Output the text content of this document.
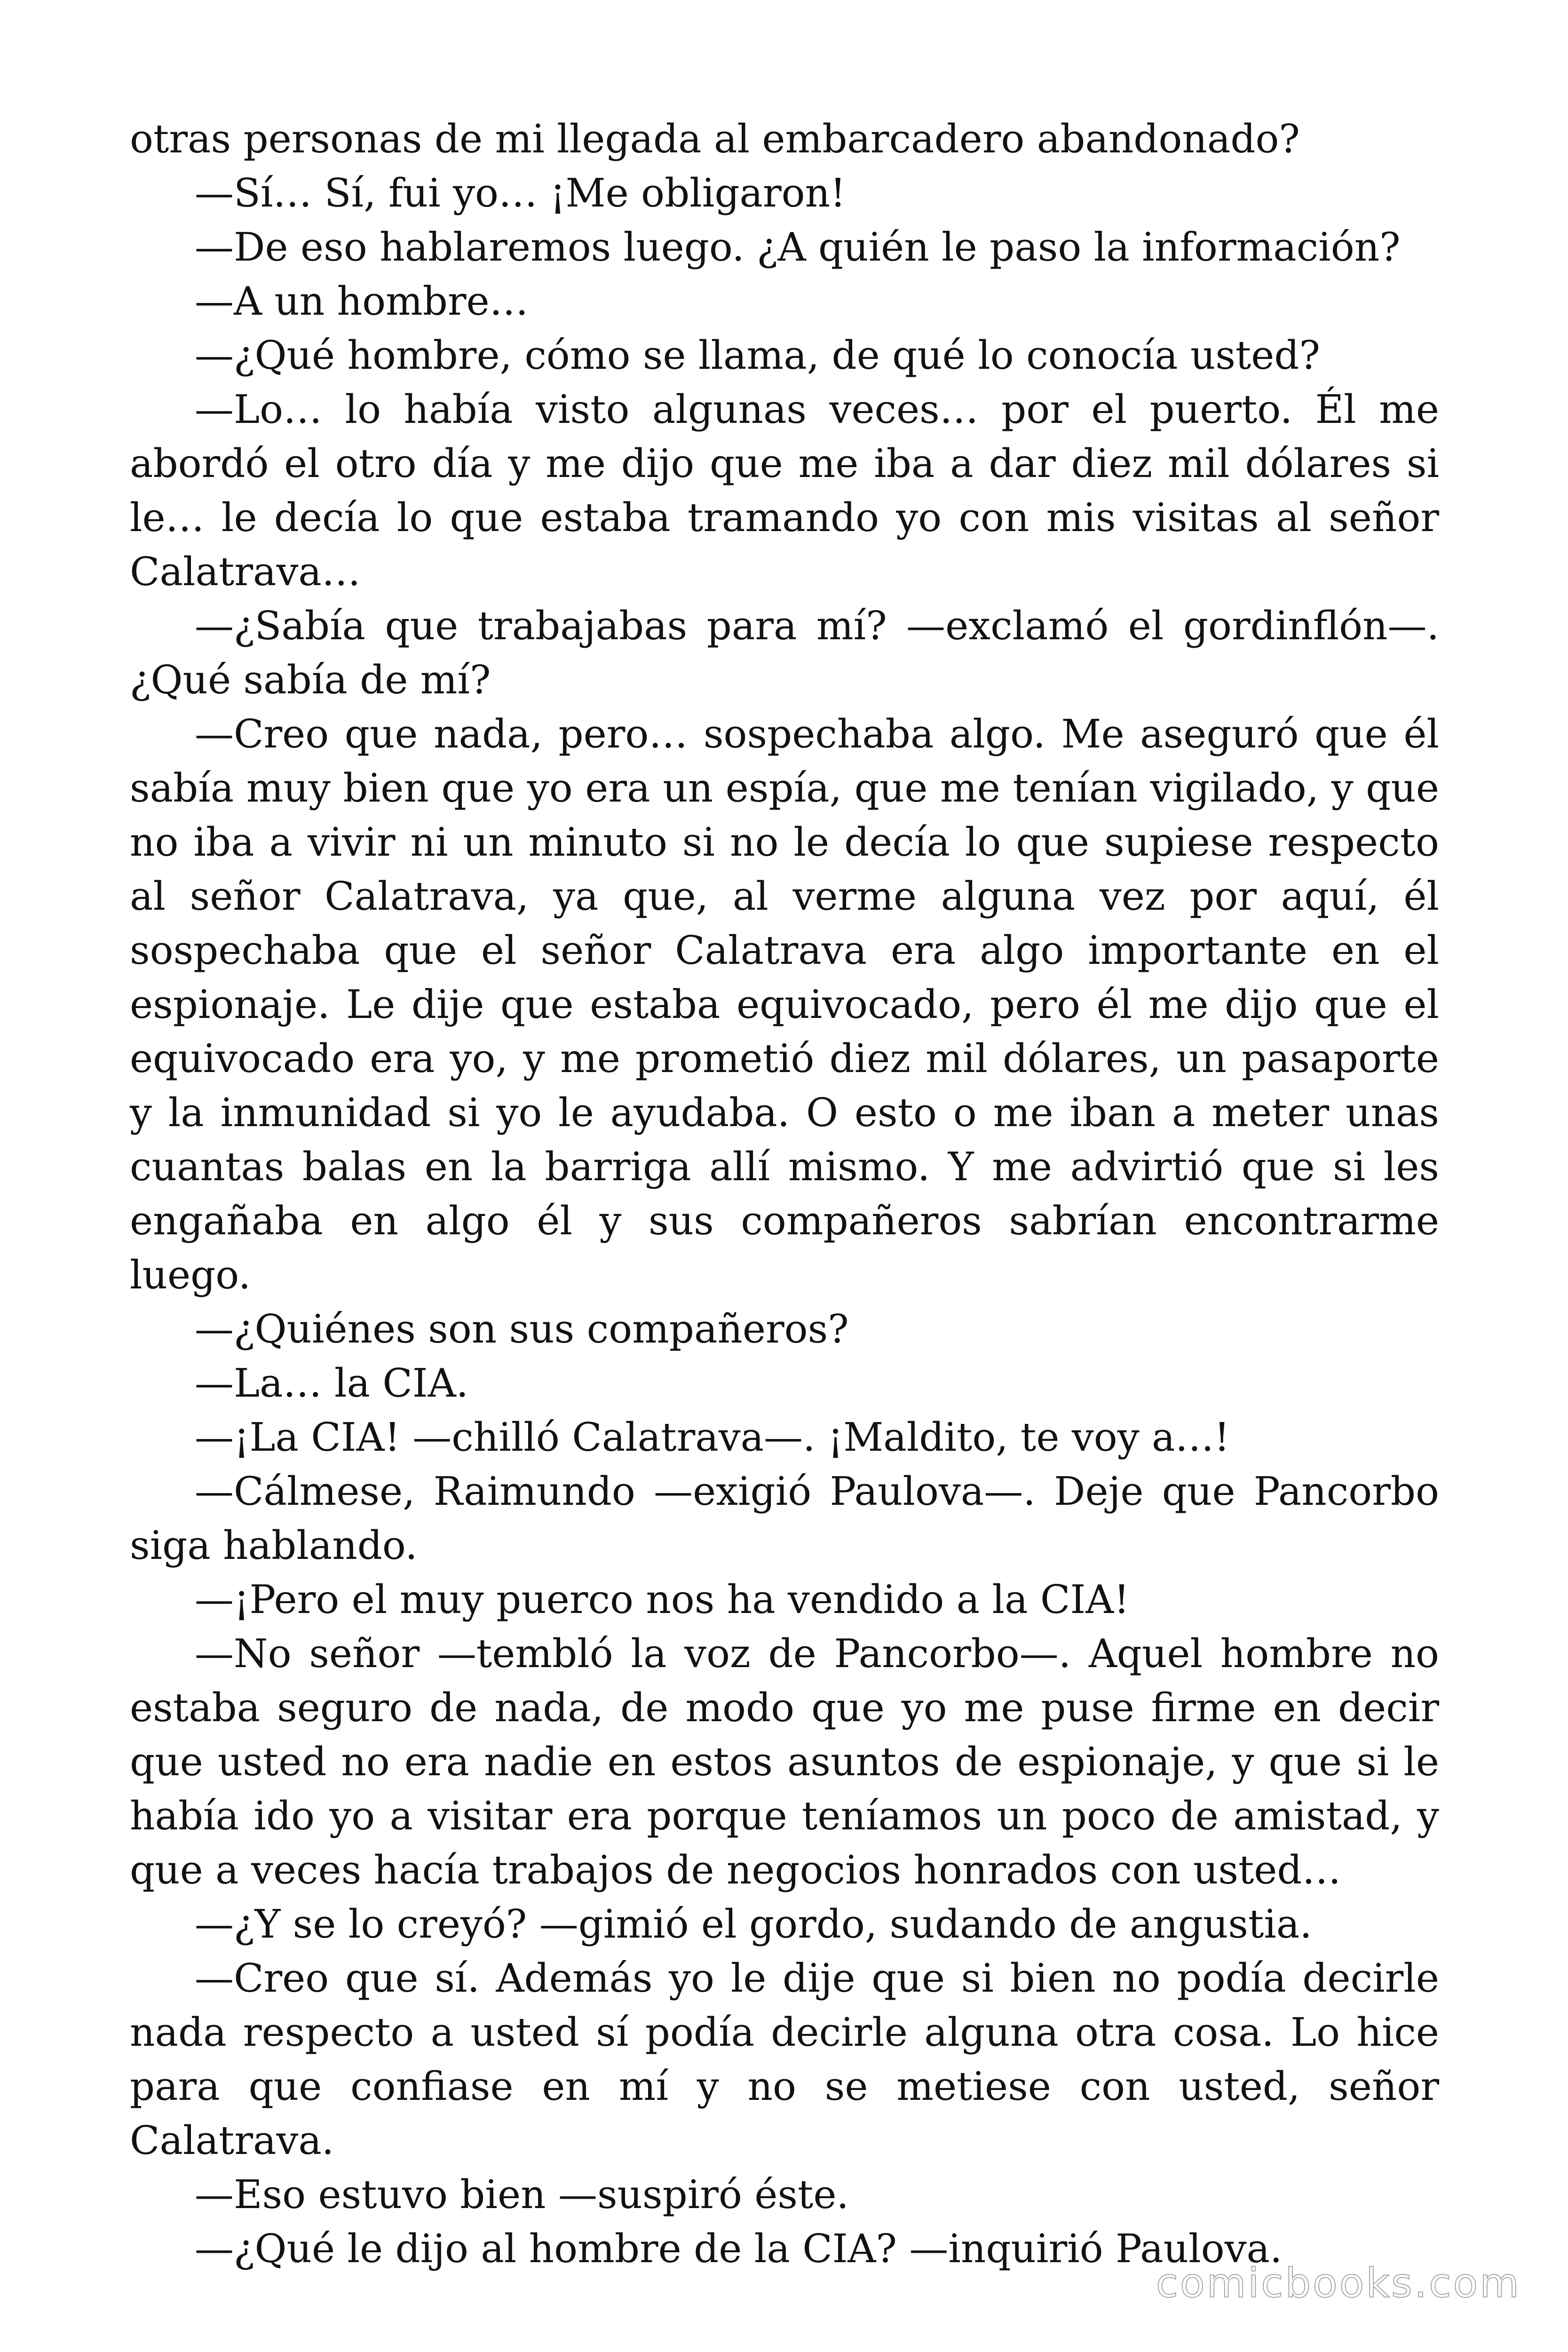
otras personas de mi llegada al embarcadero abandonado?

—Sí… Sí, fui yo… ¡Me obligaron!

—De eso hablaremos luego. ¿A quién le paso la información?

—A un hombre…

—¿Qué hombre, cómo se llama, de qué lo conocía usted?

—Lo… lo había visto algunas veces… por el puerto. Él me abordó el otro día y me dijo que me iba a dar diez mil dólares si le… le decía lo que estaba tramando yo con mis visitas al señor Calatrava…

—¿Sabía que trabajabas para mí? —exclamó el gordinflón—. ¿Qué sabía de mí?

—Creo que nada, pero… sospechaba algo. Me aseguró que él sabía muy bien que yo era un espía, que me tenían vigilado, y que no iba a vivir ni un minuto si no le decía lo que supiese respecto al señor Calatrava, ya que, al verme alguna vez por aquí, él sospechaba que el señor Calatrava era algo importante en el espionaje. Le dije que estaba equivocado, pero él me dijo que el equivocado era yo, y me prometió diez mil dólares, un pasaporte y la inmunidad si yo le ayudaba. O esto o me iban a meter unas cuantas balas en la barriga allí mismo. Y me advirtió que si les engañaba en algo él y sus compañeros sabrían encontrarme luego.

—¿Quiénes son sus compañeros?

—La… la CIA.

—¡La CIA! —chilló Calatrava—. ¡Maldito, te voy a…!

—Cálmese, Raimundo —exigió Paulova—. Deje que Pancorbo siga hablando.

—¡Pero el muy puerco nos ha vendido a la CIA!

—No señor —tembló la voz de Pancorbo—. Aquel hombre no estaba seguro de nada, de modo que yo me puse firme en decir que usted no era nadie en estos asuntos de espionaje, y que si le había ido yo a visitar era porque teníamos un poco de amistad, y que a veces hacía trabajos de negocios honrados con usted…

—¿Y se lo creyó? —gimió el gordo, sudando de angustia.

—Creo que sí. Además yo le dije que si bien no podía decirle nada respecto a usted sí podía decirle alguna otra cosa. Lo hice para que confiase en mí y no se metiese con usted, señor Calatrava.

—Eso estuvo bien —suspiró éste.

—¿Qué le dijo al hombre de la CIA? —inquirió Paulova.

comicbooks.com
